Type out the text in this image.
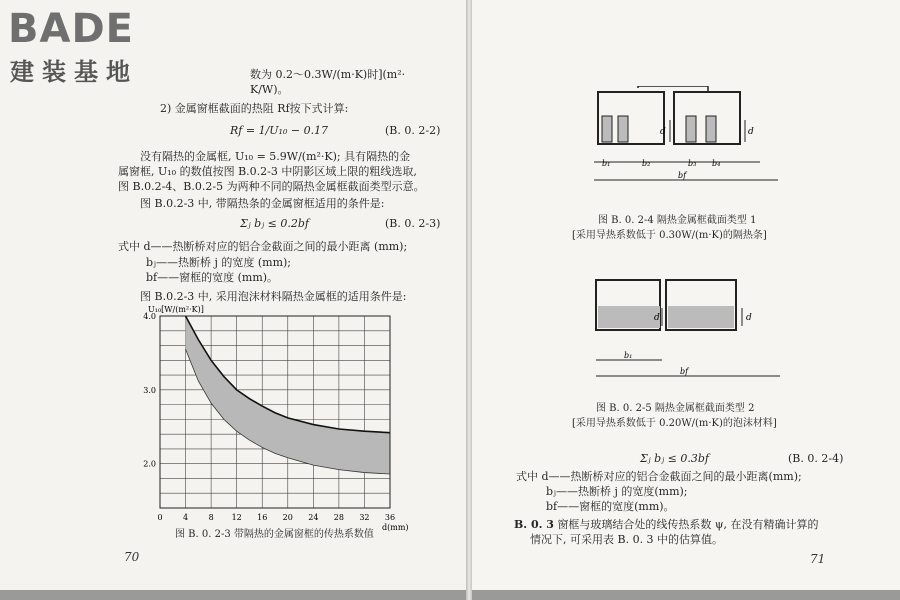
BADE
建装基地	数为 0.2～0.3W/(m·K)时](m²·
K/W)。
2) 金属窗框截面的热阻 Rf按下式计算:
Rf = 1/U₁₀ − 0.17	(B. 0. 2-2)
没有隔热的金属框, U₁₀ = 5.9W/(m²·K); 具有隔热的金
属窗框, U₁₀ 的数值按图 B.0.2-3 中阴影区域上限的粗线选取,
图 B.0.2-4、B.0.2-5 为两种不同的隔热金属框截面类型示意。
图 B.0.2-3 中, 带隔热条的金属窗框适用的条件是:
Σⱼ bⱼ ≤ 0.2bf	(B. 0. 2-3)
式中 d——热断桥对应的铝合金截面之间的最小距离 (mm);
bⱼ——热断桥 j 的宽度 (mm);
bf——窗框的宽度 (mm)。
图 B.0.2-3 中, 采用泡沫材料隔热金属框的适用条件是:
0	4	8 12 16 20 24 28 32 36
2.0
3.0
4.0
U₁₀[W/(m²·K)]
d(mm)
图 B. 0. 2-3 带隔热的金属窗框的传热系数值
70
d	d
b₁	b₂	b₃ b₄
bf
图 B. 0. 2-4 隔热金属框截面类型 1
[采用导热系数低于 0.30W/(m·K)的隔热条]
d	d
b₁
bf
图 B. 0. 2-5 隔热金属框截面类型 2
[采用导热系数低于 0.20W/(m·K)的泡沫材料]
Σⱼ bⱼ ≤ 0.3bf	(B. 0. 2-4)
式中 d——热断桥对应的铝合金截面之间的最小距离(mm);
bⱼ——热断桥 j 的宽度(mm);
bf——窗框的宽度(mm)。
B. 0. 3 窗框与玻璃结合处的线传热系数 ψ, 在没有精确计算的
情况下, 可采用表 B. 0. 3 中的估算值。
71
